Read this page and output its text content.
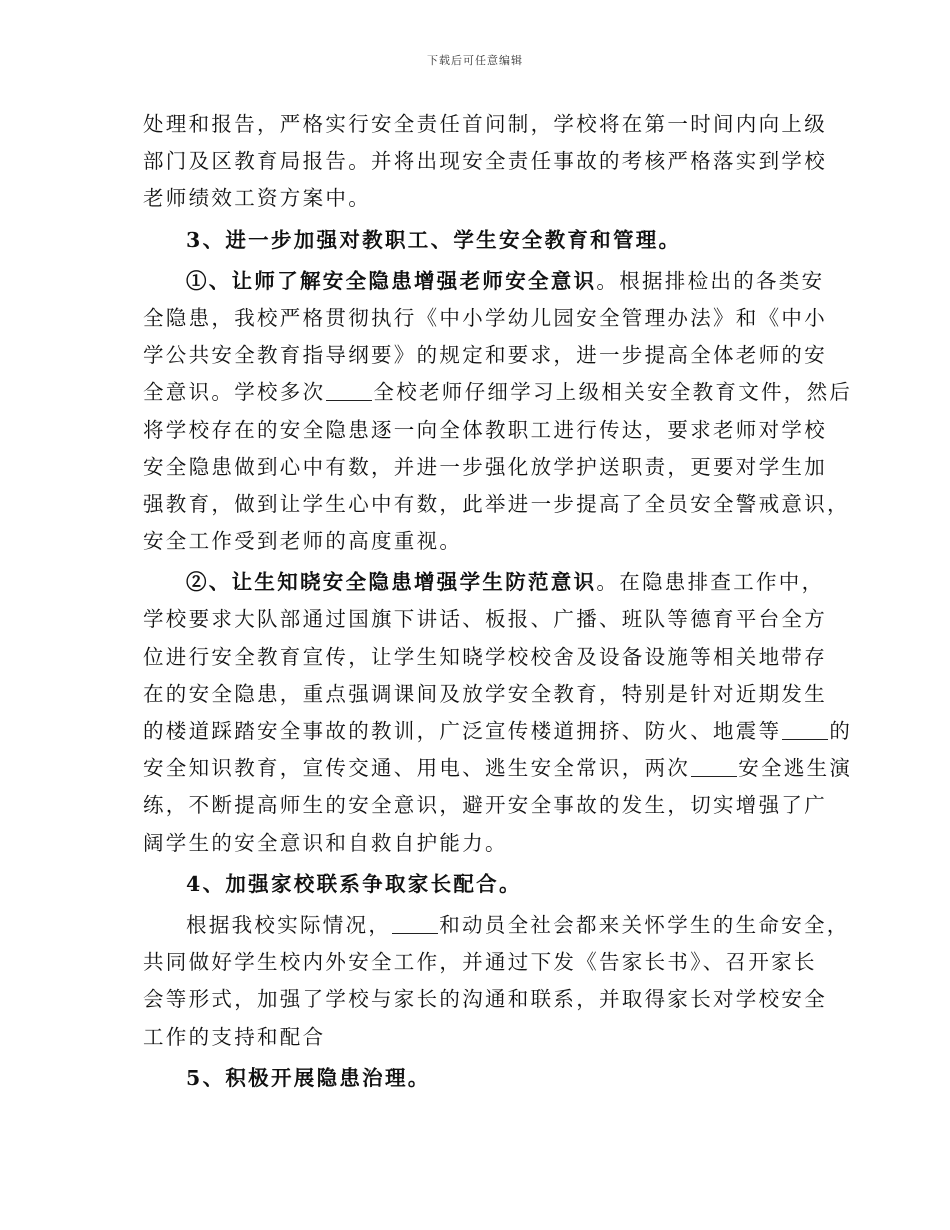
下载后可任意编辑
处理和报告，严格实行安全责任首问制，学校将在第一时间内向上级
部门及区教育局报告。并将出现安全责任事故的考核严格落实到学校
老师绩效工资方案中。
3、进一步加强对教职工、学生安全教育和管理。
①、让师了解安全隐患增强老师安全意识。根据排检出的各类安
全隐患，我校严格贯彻执行《中小学幼儿园安全管理办法》和《中小
学公共安全教育指导纲要》的规定和要求，进一步提高全体老师的安
全意识。学校多次 全校老师仔细学习上级相关安全教育文件，然后
将学校存在的安全隐患逐一向全体教职工进行传达，要求老师对学校
安全隐患做到心中有数，并进一步强化放学护送职责，更要对学生加
强教育，做到让学生心中有数，此举进一步提高了全员安全警戒意识，
安全工作受到老师的高度重视。
②、让生知晓安全隐患增强学生防范意识。在隐患排查工作中，
学校要求大队部通过国旗下讲话、板报、广播、班队等德育平台全方
位进行安全教育宣传，让学生知晓学校校舍及设备设施等相关地带存
在的安全隐患，重点强调课间及放学安全教育，特别是针对近期发生
的楼道踩踏安全事故的教训，广泛宣传楼道拥挤、防火、地震等 的
安全知识教育，宣传交通、用电、逃生安全常识，两次 安全逃生演
练，不断提高师生的安全意识，避开安全事故的发生，切实增强了广
阔学生的安全意识和自救自护能力。
4、加强家校联系争取家长配合。
根据我校实际情况， 和动员全社会都来关怀学生的生命安全，
共同做好学生校内外安全工作，并通过下发《告家长书》、召开家长
会等形式，加强了学校与家长的沟通和联系，并取得家长对学校安全
工作的支持和配合
5、积极开展隐患治理。
